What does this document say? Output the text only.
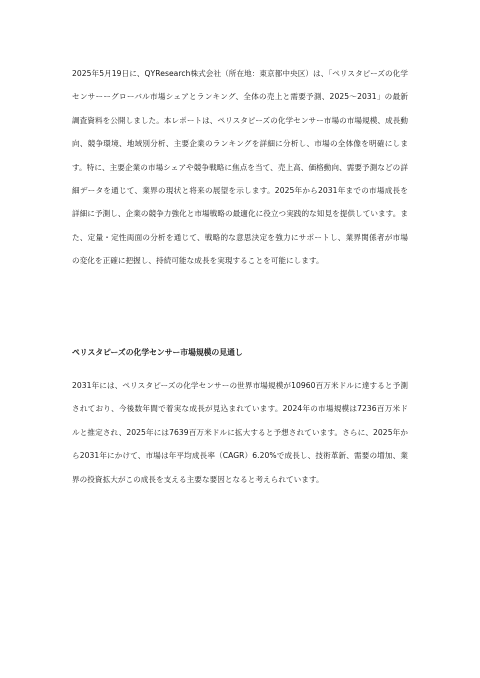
2025年5月19日に、QYResearch株式会社（所在地：東京都中央区）は、「ペリスタピーズの化学センサーーグローバル市場シェアとランキング、全体の売上と需要予測、2025～2031」の最新調査資料を公開しました。本レポートは、ペリスタピーズの化学センサー市場の市場規模、成長動向、競争環境、地域別分析、主要企業のランキングを詳細に分析し、市場の全体像を明確にします。特に、主要企業の市場シェアや競争戦略に焦点を当て、売上高、価格動向、需要予測などの詳細データを通じて、業界の現状と将来の展望を示します。2025年から2031年までの市場成長を詳細に予測し、企業の競争力強化と市場戦略の最適化に役立つ実践的な知見を提供しています。また、定量・定性両面の分析を通じて、戦略的な意思決定を強力にサポートし、業界関係者が市場の変化を正確に把握し、持続可能な成長を実現することを可能にします。

ペリスタピーズの化学センサー市場規模の見通し

2031年には、ペリスタピーズの化学センサーの世界市場規模が10960百万米ドルに達すると予測されており、今後数年間で着実な成長が見込まれています。2024年の市場規模は7236百万米ドルと推定され、2025年には7639百万米ドルに拡大すると予想されています。さらに、2025年から2031年にかけて、市場は年平均成長率（CAGR）6.20%で成長し、技術革新、需要の増加、業界の投資拡大がこの成長を支える主要な要因となると考えられています。
